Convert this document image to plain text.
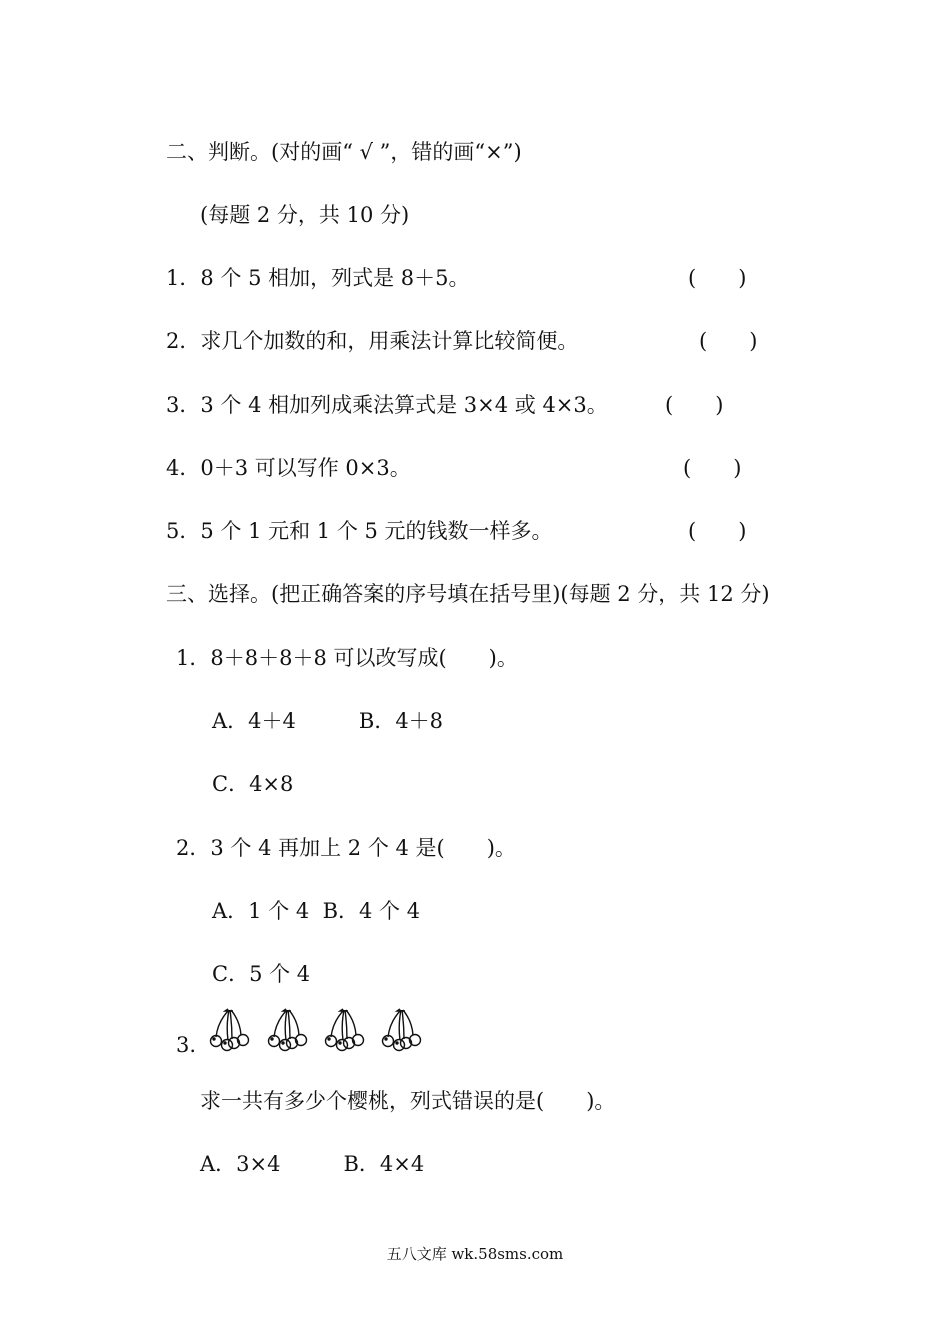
二、判断。(对的画“ √ ”，错的画“×”)
(每题 2 分，共 10 分)
1．8 个 5 相加，列式是 8＋5。	(　　)
2．求几个加数的和，用乘法计算比较简便。	(　　)
3．3 个 4 相加列成乘法算式是 3×4 或 4×3。	(　　)
4．0＋3 可以写作 0×3。	(　　)
5．5 个 1 元和 1 个 5 元的钱数一样多。	(　　)
三、选择。(把正确答案的序号填在括号里)(每题 2 分，共 12 分)
1．8＋8＋8＋8 可以改写成(　　)。
A．4＋4　　　B．4＋8
C．4×8
2．3 个 4 再加上 2 个 4 是(　　)。
A．1 个 4  B．4 个 4
C．5 个 4
3.
求一共有多少个樱桃，列式错误的是(　　)。
A．3×4　　　B．4×4
五八文库 wk.58sms.com
